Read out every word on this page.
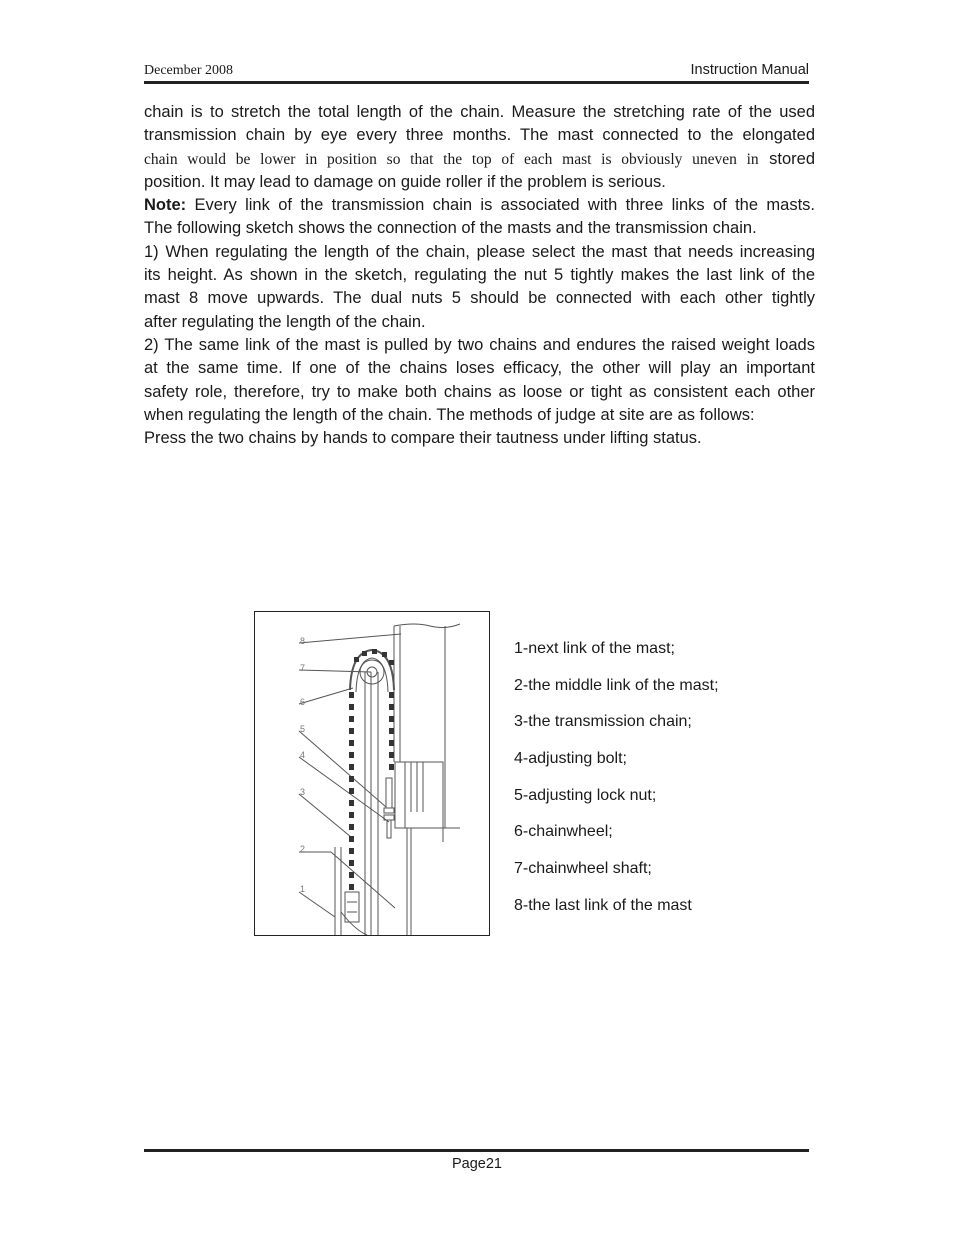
December 2008	Instruction Manual

chain is to stretch the total length of the chain. Measure the stretching rate of the used

transmission chain by eye every three months. The mast connected to the elongated

chain would be lower in position so that the top of each mast is obviously uneven in stored

position. It may lead to damage on guide roller if the problem is serious.

Note: Every link of the transmission chain is associated with three links of the masts.

The following sketch shows the connection of the masts and the transmission chain.

1) When regulating the length of the chain, please select the mast that needs increasing

its height. As shown in the sketch, regulating the nut 5 tightly makes the last link of the

mast 8 move upwards. The dual nuts 5 should be connected with each other tightly

after regulating the length of the chain.

2) The same link of the mast is pulled by two chains and endures the raised weight loads

at the same time. If one of the chains loses efficacy, the other will play an important

safety role, therefore, try to make both chains as loose or tight as consistent each other

when regulating the length of the chain. The methods of judge at site are as follows:

Press the two chains by hands to compare their tautness under lifting status.

8
7
6
5
4
3
2
1
1-next link of the mast;
2-the middle link of the mast;
3-the transmission chain;
4-adjusting bolt;
5-adjusting lock nut;
6-chainwheel;
7-chainwheel shaft;
8-the last link of the mast
Page21
